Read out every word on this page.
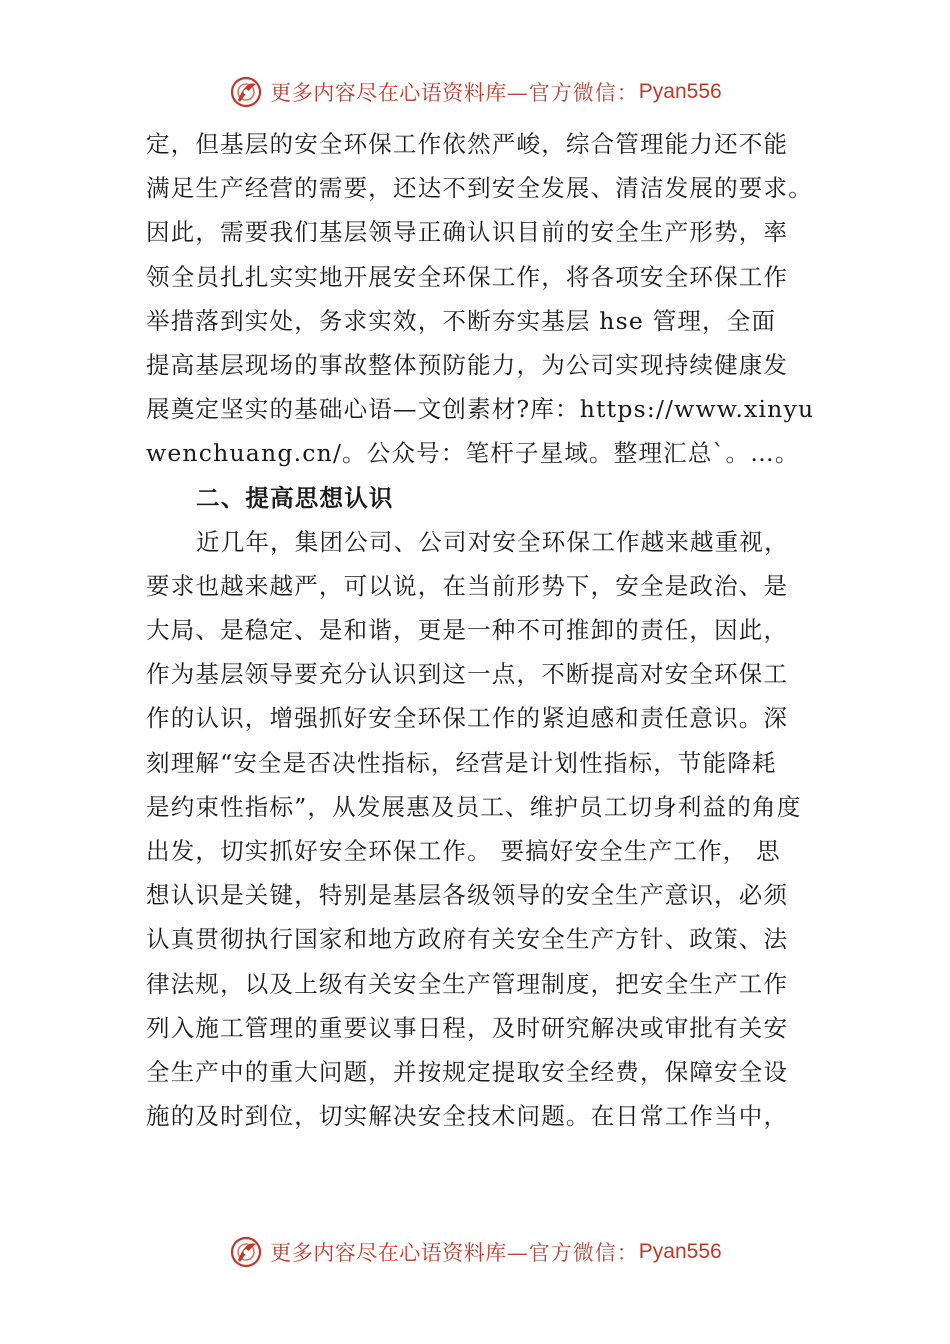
更多内容尽在心语资料库 —官方微信： Pyan556
定，但基层的安全环保工作依然严峻，综合管理能力还不能
满足生产经营的需要，还达不到安全发展、清洁发展的要求。
因此，需要我们基层领导正确认识目前的安全生产形势，率
领全员扎扎实实地开展安全环保工作，将各项安全环保工作
举措落到实处，务求实效，不断夯实基层 hse 管理，全面
提高基层现场的事故整体预防能力，为公司实现持续健康发
展奠定坚实的基础心语—文创素材?库：https://www.xinyu
wenchuang.cn/。公众号：笔杆子星域。整理汇总`。…。
二、提高思想认识
近几年，集团公司、公司对安全环保工作越来越重视，
要求也越来越严，可以说，在当前形势下，安全是政治、是
大局、是稳定、是和谐，更是一种不可推卸的责任，因此，
作为基层领导要充分认识到这一点，不断提高对安全环保工
作的认识，增强抓好安全环保工作的紧迫感和责任意识。深
刻理解“安全是否决性指标，经营是计划性指标，节能降耗
是约束性指标”，从发展惠及员工、维护员工切身利益的角度
出发，切实抓好安全环保工作。 要搞好安全生产工作， 思
想认识是关键，特别是基层各级领导的安全生产意识，必须
认真贯彻执行国家和地方政府有关安全生产方针、政策、法
律法规，以及上级有关安全生产管理制度，把安全生产工作
列入施工管理的重要议事日程，及时研究解决或审批有关安
全生产中的重大问题，并按规定提取安全经费，保障安全设
施的及时到位，切实解决安全技术问题。在日常工作当中，
更多内容尽在心语资料库 —官方微信： Pyan556
